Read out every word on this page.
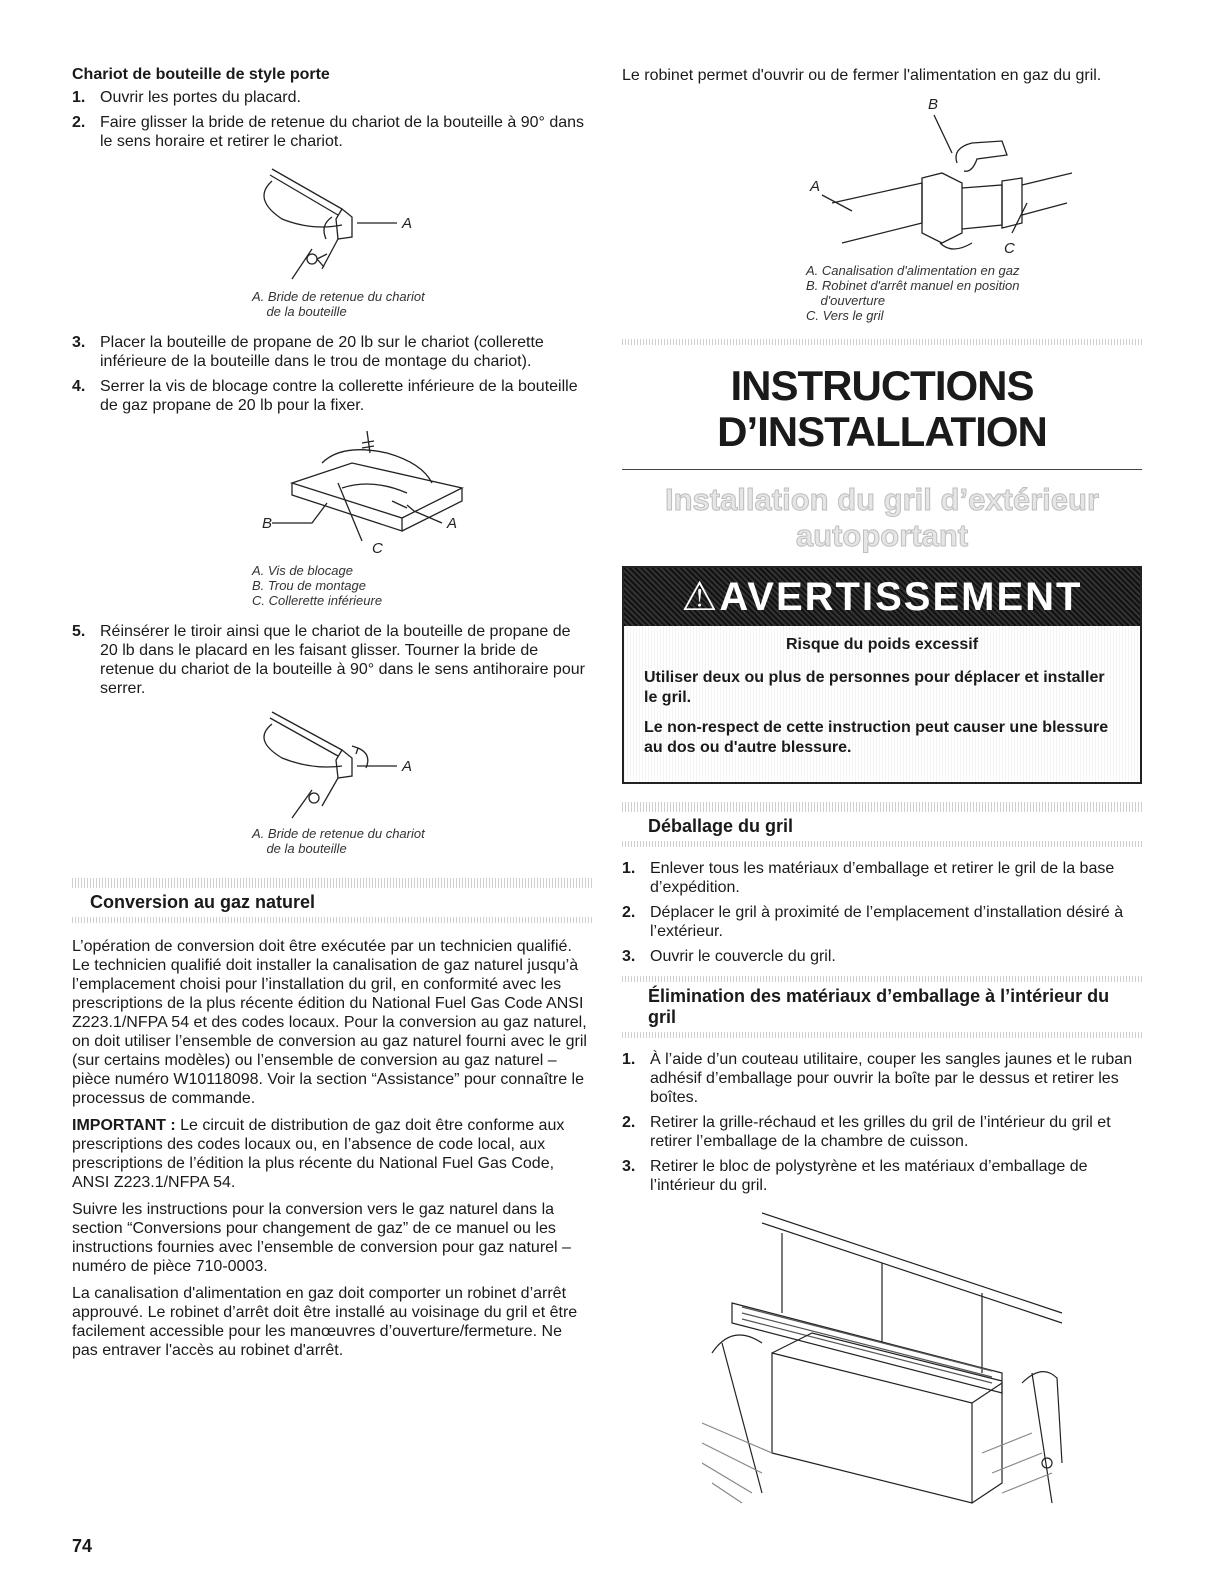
Chariot de bouteille de style porte
1. Ouvrir les portes du placard.
2. Faire glisser la bride de retenue du chariot de la bouteille à 90° dans le sens horaire et retirer le chariot.
A
A. Bride de retenue du chariot
de la bouteille
3. Placer la bouteille de propane de 20 lb sur le chariot (collerette inférieure de la bouteille dans le trou de montage du chariot).
4. Serrer la vis de blocage contre la collerette inférieure de la bouteille de gaz propane de 20 lb pour la fixer.
B	A
C
A. Vis de blocage
B. Trou de montage
C. Collerette inférieure
5. Réinsérer le tiroir ainsi que le chariot de la bouteille de propane de 20 lb dans le placard en les faisant glisser. Tourner la bride de retenue du chariot de la bouteille à 90° dans le sens antihoraire pour serrer.
A
A. Bride de retenue du chariot
de la bouteille
Conversion au gaz naturel

L’opération de conversion doit être exécutée par un technicien qualifié. Le technicien qualifié doit installer la canalisation de gaz naturel jusqu’à l’emplacement choisi pour l’installation du gril, en conformité avec les prescriptions de la plus récente édition du National Fuel Gas Code ANSI Z223.1/NFPA 54 et des codes locaux. Pour la conversion au gaz naturel, on doit utiliser l’ensemble de conversion au gaz naturel fourni avec le gril (sur certains modèles) ou l’ensemble de conversion au gaz naturel – pièce numéro W10118098. Voir la section “Assistance” pour connaître le processus de commande.

IMPORTANT : Le circuit de distribution de gaz doit être conforme aux prescriptions des codes locaux ou, en l’absence de code local, aux prescriptions de l’édition la plus récente du National Fuel Gas Code, ANSI Z223.1/NFPA 54.

Suivre les instructions pour la conversion vers le gaz naturel dans la section “Conversions pour changement de gaz” de ce manuel ou les instructions fournies avec l’ensemble de conversion pour gaz naturel – numéro de pièce 710-0003.

La canalisation d'alimentation en gaz doit comporter un robinet d’arrêt approuvé. Le robinet d’arrêt doit être installé au voisinage du gril et être facilement accessible pour les manœuvres d’ouverture/fermeture. Ne pas entraver l'accès au robinet d'arrêt.

Le robinet permet d'ouvrir ou de fermer l'alimentation en gaz du gril.

B
A
C
A. Canalisation d'alimentation en gaz
B. Robinet d'arrêt manuel en position
d'ouverture
C. Vers le gril
INSTRUCTIONS
D’INSTALLATION
Installation du gril d’extérieur autoportant
⚠AVERTISSEMENT
Risque du poids excessif
Utiliser deux ou plus de personnes pour déplacer et installer le gril.
Le non-respect de cette instruction peut causer une blessure au dos ou d'autre blessure.
Déballage du gril
1. Enlever tous les matériaux d’emballage et retirer le gril de la base d’expédition.
2. Déplacer le gril à proximité de l’emplacement d’installation désiré à l’extérieur.
3. Ouvrir le couvercle du gril.
Élimination des matériaux d’emballage à l’intérieur du gril
1. À l’aide d’un couteau utilitaire, couper les sangles jaunes et le ruban adhésif d’emballage pour ouvrir la boîte par le dessus et retirer les boîtes.
2. Retirer la grille-réchaud et les grilles du gril de l’intérieur du gril et retirer l’emballage de la chambre de cuisson.
3. Retirer le bloc de polystyrène et les matériaux d’emballage de l’intérieur du gril.
74
